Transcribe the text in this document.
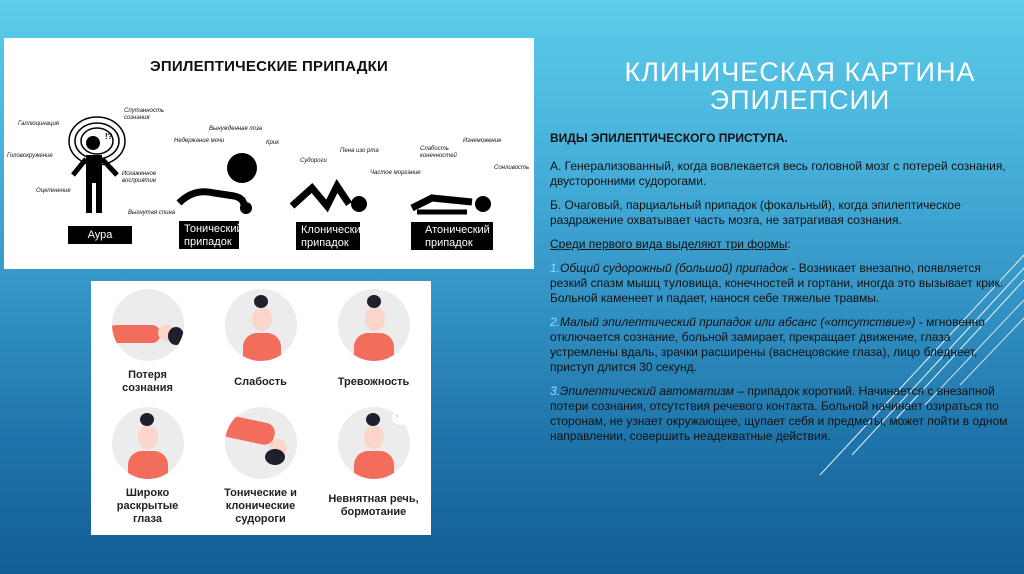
ЭПИЛЕПТИЧЕСКИЕ ПРИПАДКИ
!?
Галлюцинация
Спутанность сознания
Головокружение
Искаженное восприятие
Оцепенение
Аура
Недержание мочи
Вынужденная поза
Крик
Выгнутая спина
Тонический
припадок
Судороги
Пена изо рта
Частое моргание
Клонический
припадок
Слабость конечностей
Изнеможение
Сонливость
Атонический
припадок
Потеря
сознания	Слабость	Тревожность
Широко
раскрытые
глаза
Тонические и
клонические
судороги
•••
Невнятная речь,
бормотание
КЛИНИЧЕСКАЯ КАРТИНА
ЭПИЛЕПСИИ

ВИДЫ ЭПИЛЕПТИЧЕСКОГО ПРИСТУПА.

А. Генерализованный, когда вовлекается весь головной мозг с потерей сознания, двусторонними судорогами.

Б. Очаговый, парциальный припадок (фокальный), когда эпилептическое раздражение охватывает часть мозга, не затрагивая сознания.

Среди первого вида выделяют три формы:

1.Общий судорожный (большой) припадок - Возникает внезапно, появляется резкий спазм мышц туловища, конечностей и гортани, иногда это вызывает крик. Больной каменеет и падает, нанося себе тяжелые травмы.

2.Малый эпилептический припадок или абсанс («отсутствие») - мгновенно отключается сознание, больной замирает, прекращает движение, глаза устремлены вдаль, зрачки расширены (васнецовские глаза), лицо бледнеет, приступ длится 30 секунд.

3.Эпилептический автоматизм – припадок короткий. Начинается с внезапной потери сознания, отсутствия речевого контакта. Больной начинает озираться по сторонам, не узнает окружающее, щупает себя и предметы, может пойти в одном направлении, совершить неадекватные действия.
